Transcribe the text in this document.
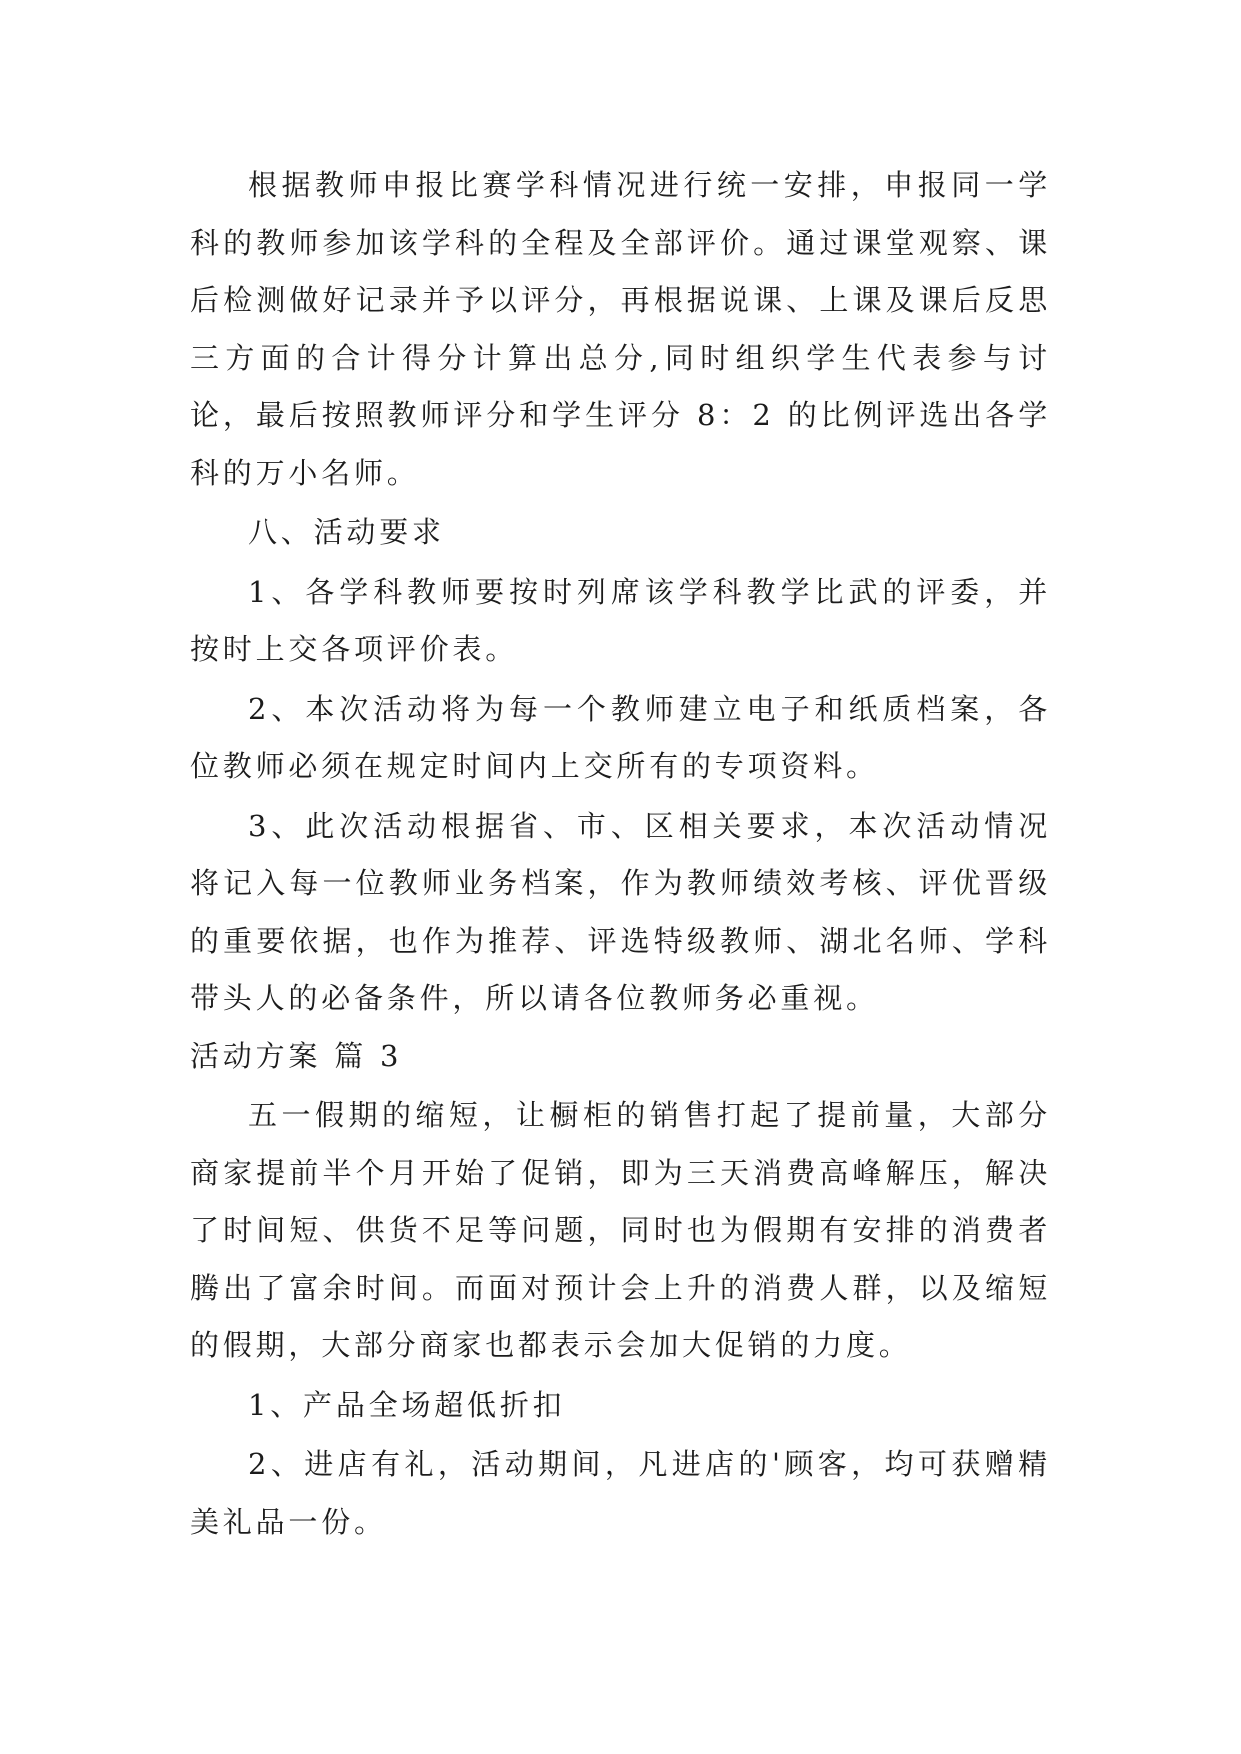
根据教师申报比赛学科情况进行统一安排，申报同一学科的教师参加该学科的全程及全部评价。通过课堂观察、课后检测做好记录并予以评分，再根据说课、上课及课后反思三方面的合计得分计算出总分,同时组织学生代表参与讨论，最后按照教师评分和学生评分 8：2 的比例评选出各学科的万小名师。

八、活动要求

1、各学科教师要按时列席该学科教学比武的评委，并按时上交各项评价表。

2、本次活动将为每一个教师建立电子和纸质档案，各位教师必须在规定时间内上交所有的专项资料。

3、此次活动根据省、市、区相关要求，本次活动情况将记入每一位教师业务档案，作为教师绩效考核、评优晋级的重要依据，也作为推荐、评选特级教师、湖北名师、学科带头人的必备条件，所以请各位教师务必重视。

活动方案 篇 3

五一假期的缩短，让橱柜的销售打起了提前量，大部分商家提前半个月开始了促销，即为三天消费高峰解压，解决了时间短、供货不足等问题，同时也为假期有安排的消费者腾出了富余时间。而面对预计会上升的消费人群，以及缩短的假期，大部分商家也都表示会加大促销的力度。

1、产品全场超低折扣

2、进店有礼，活动期间，凡进店的'顾客，均可获赠精美礼品一份。
